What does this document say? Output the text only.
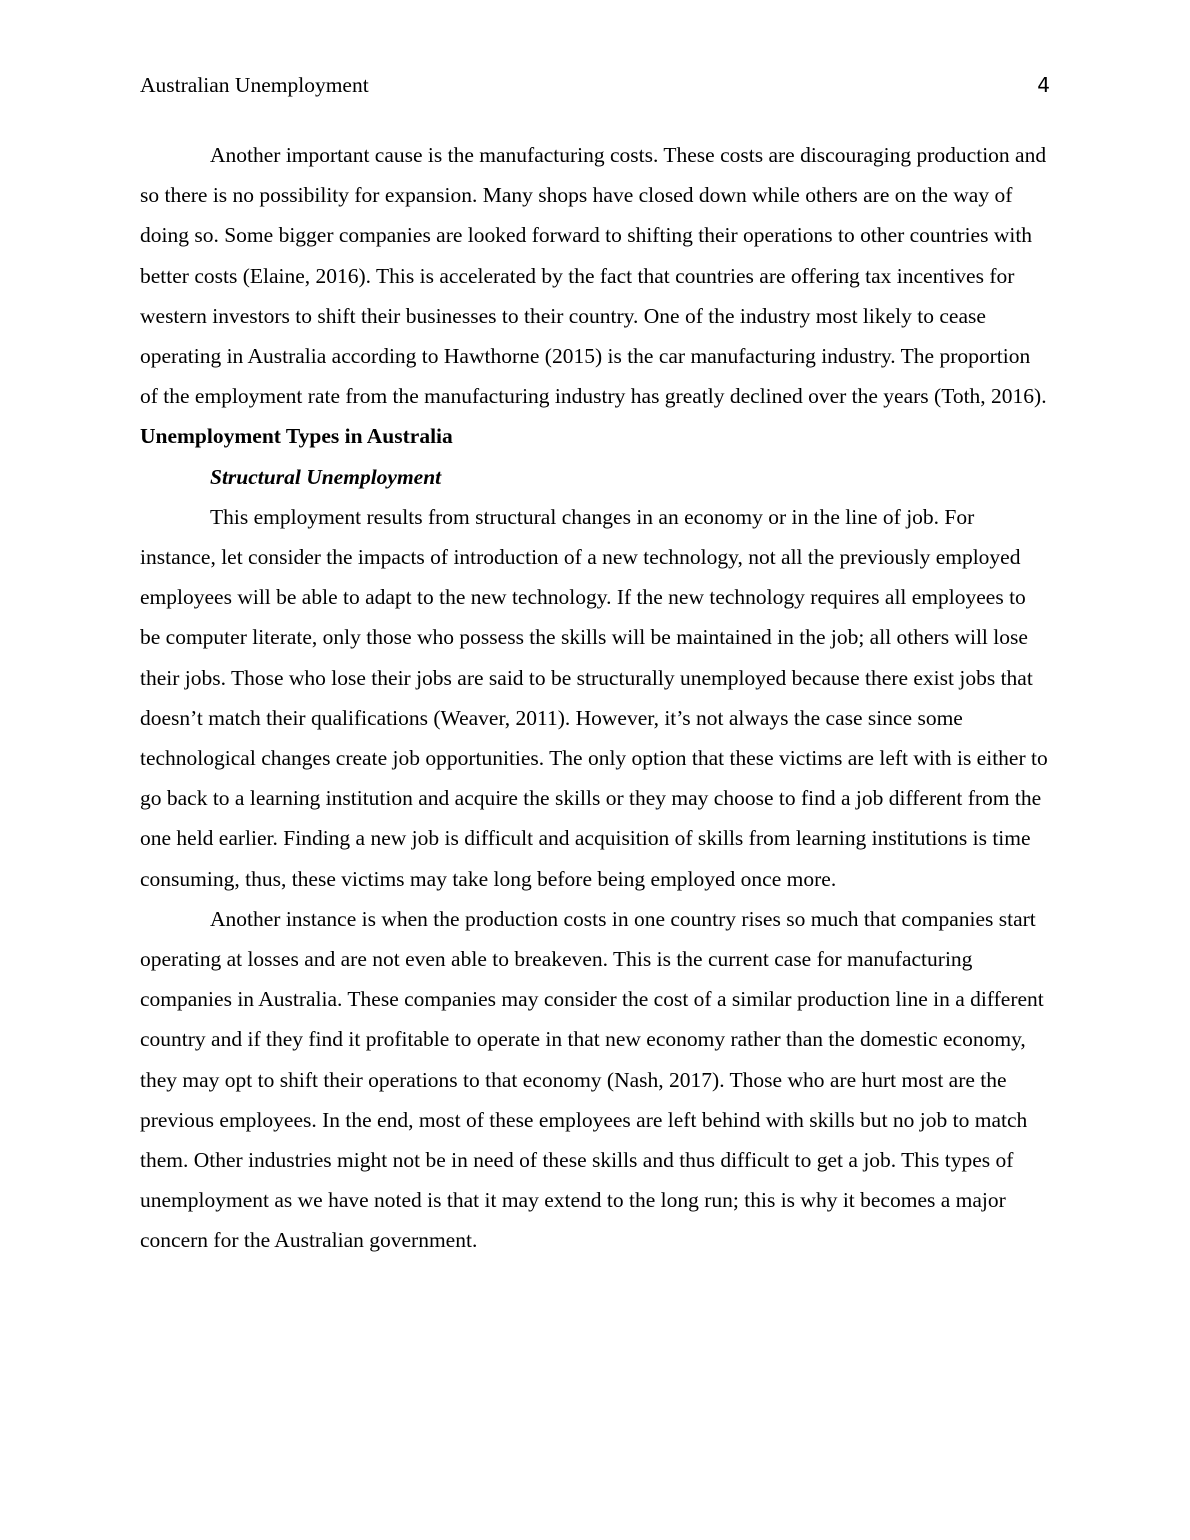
Australian Unemployment	4

Another important cause is the manufacturing costs. These costs are discouraging production and so there is no possibility for expansion. Many shops have closed down while others are on the way of doing so. Some bigger companies are looked forward to shifting their operations to other countries with better costs (Elaine, 2016). This is accelerated by the fact that countries are offering tax incentives for western investors to shift their businesses to their country. One of the industry most likely to cease operating in Australia according to Hawthorne (2015) is the car manufacturing industry. The proportion of the employment rate from the manufacturing industry has greatly declined over the years (Toth, 2016).

Unemployment Types in Australia
Structural Unemployment

This employment results from structural changes in an economy or in the line of job. For instance, let consider the impacts of introduction of a new technology, not all the previously employed employees will be able to adapt to the new technology. If the new technology requires all employees to be computer literate, only those who possess the skills will be maintained in the job; all others will lose their jobs. Those who lose their jobs are said to be structurally unemployed because there exist jobs that doesn’t match their qualifications (Weaver, 2011). However, it’s not always the case since some technological changes create job opportunities. The only option that these victims are left with is either to go back to a learning institution and acquire the skills or they may choose to find a job different from the one held earlier. Finding a new job is difficult and acquisition of skills from learning institutions is time consuming, thus, these victims may take long before being employed once more.

Another instance is when the production costs in one country rises so much that companies start operating at losses and are not even able to breakeven. This is the current case for manufacturing companies in Australia. These companies may consider the cost of a similar production line in a different country and if they find it profitable to operate in that new economy rather than the domestic economy, they may opt to shift their operations to that economy (Nash, 2017). Those who are hurt most are the previous employees. In the end, most of these employees are left behind with skills but no job to match them. Other industries might not be in need of these skills and thus difficult to get a job. This types of unemployment as we have noted is that it may extend to the long run; this is why it becomes a major concern for the Australian government.
